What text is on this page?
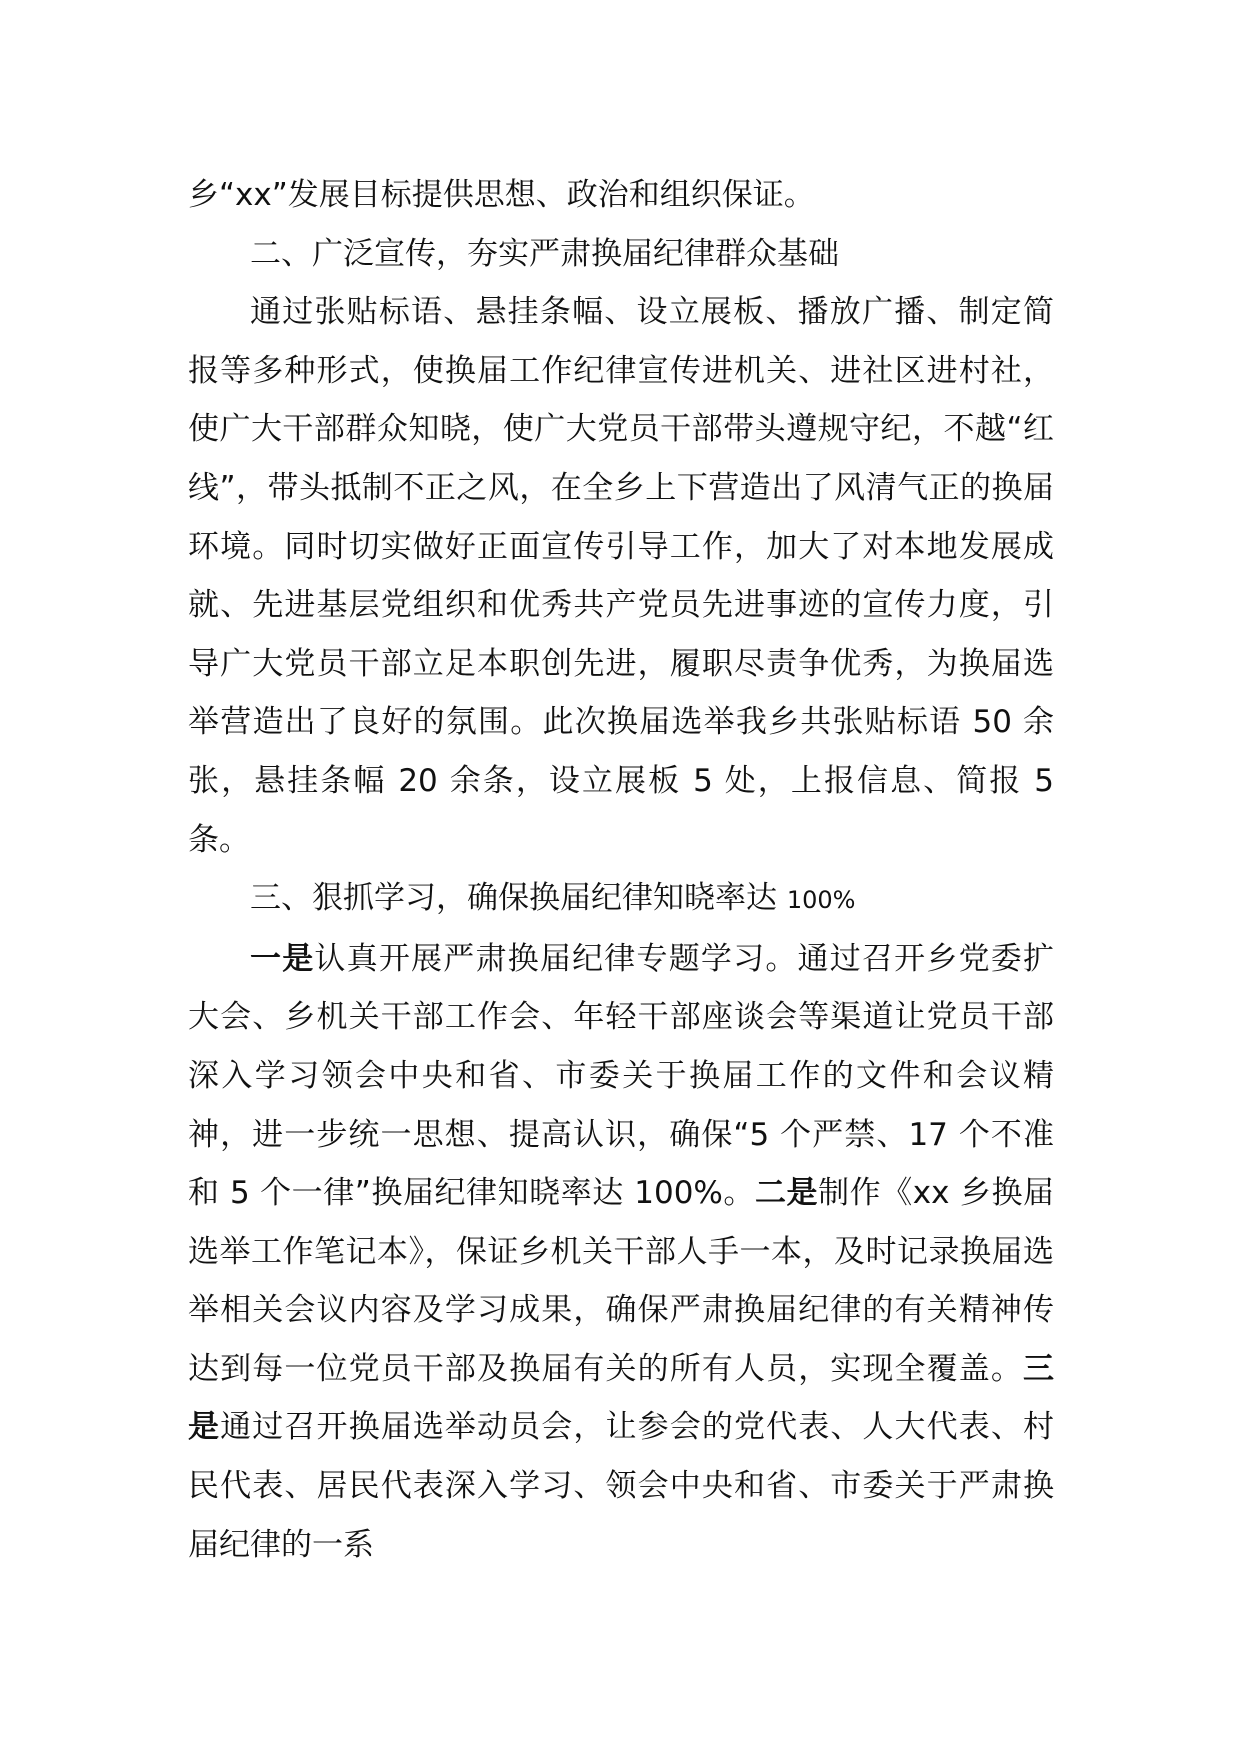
乡“xx”发展目标提供思想、政治和组织保证。

二、广泛宣传，夯实严肃换届纪律群众基础

通过张贴标语、悬挂条幅、设立展板、播放广播、制定简报等多种形式，使换届工作纪律宣传进机关、进社区进村社，使广大干部群众知晓，使广大党员干部带头遵规守纪，不越“红线”，带头抵制不正之风，在全乡上下营造出了风清气正的换届环境。同时切实做好正面宣传引导工作，加大了对本地发展成就、先进基层党组织和优秀共产党员先进事迹的宣传力度，引导广大党员干部立足本职创先进，履职尽责争优秀，为换届选举营造出了良好的氛围。此次换届选举我乡共张贴标语 50 余张，悬挂条幅 20 余条，设立展板 5 处，上报信息、简报 5 条。

三、狠抓学习，确保换届纪律知晓率达 100%

一是认真开展严肃换届纪律专题学习。通过召开乡党委扩大会、乡机关干部工作会、年轻干部座谈会等渠道让党员干部深入学习领会中央和省、市委关于换届工作的文件和会议精神，进一步统一思想、提高认识，确保“5 个严禁、17 个不准和 5 个一律”换届纪律知晓率达 100%。二是制作《xx 乡换届选举工作笔记本》，保证乡机关干部人手一本，及时记录换届选举相关会议内容及学习成果，确保严肃换届纪律的有关精神传达到每一位党员干部及换届有关的所有人员，实现全覆盖。三是通过召开换届选举动员会，让参会的党代表、人大代表、村民代表、居民代表深入学习、领会中央和省、市委关于严肃换届纪律的一系
